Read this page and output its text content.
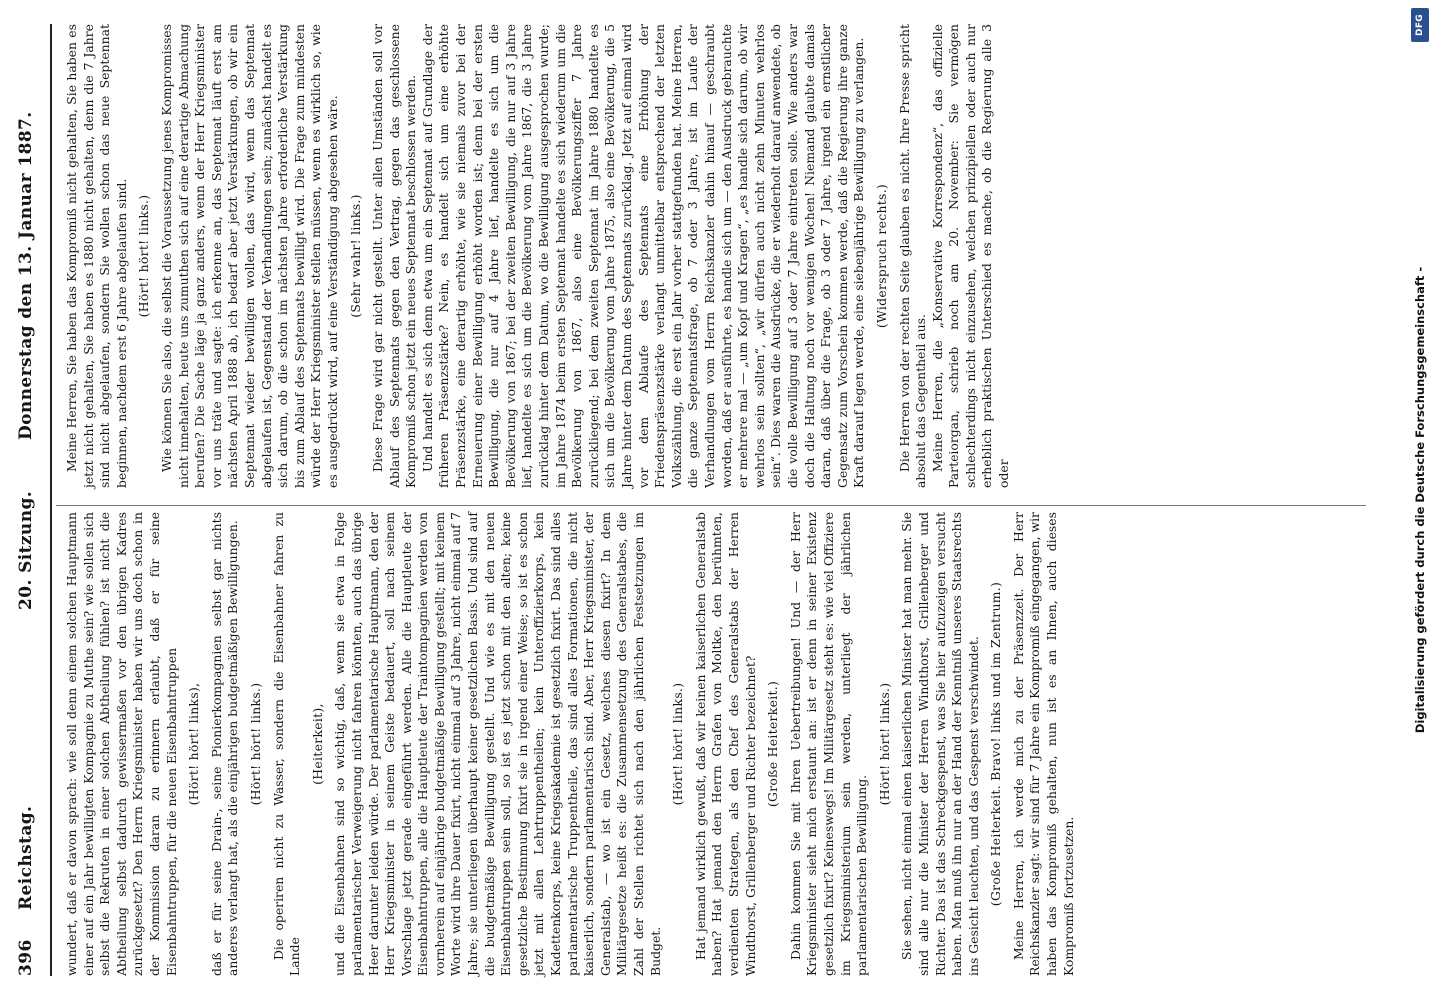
396
Reichstag.
20. Sitzung.
Donnerstag den 13. Januar 1887.

wundert, daß er davon sprach: wie soll denn einem solchen Hauptmann einer auf ein Jahr bewilligten Kompagnie zu Muthe sein? wie sollen sich selbst die Rekruten in einer solchen Abtheilung fühlen? ist nicht die Abtheilung selbst dadurch gewissermaßen vor den übrigen Kadres zurückgesetzt? Den Herrn Kriegsminister haben wir uns doch schon in der Kommission daran zu erinnern erlaubt, daß er für seine Eisenbahntruppen, für die neuen Eisenbahntruppen (Hört! hört! links), daß er für seine Drain-, seine Pionierkompagnien selbst gar nichts anderes verlangt hat, als die einjährigen budgetmäßigen Bewilligungen. (Hört! hört! links.) Die operiren nicht zu Wasser, sondern die Eisenbahner fahren zu Lande

(Heiterkeit), und die Eisenbahnen sind so wichtig, daß, wenn sie etwa in Folge parlamentarischer Verweigerung nicht fahren könnten, auch das übrige Heer darunter leiden würde. Der parlamentarische Hauptmann, den der Herr Kriegsminister in seinem Geiste bedauert, soll nach seinem Vorschlage jetzt gerade eingeführt werden. Alle die Hauptleute der Eisenbahntruppen, alle die Hauptleute der Traintompagnien werden von vornherein auf einjährige budgetmäßige Bewilligung gestellt; mit keinem Worte wird ihre Dauer fixirt, nicht einmal auf 3 Jahre, nicht einmal auf 7 Jahre; sie unterliegen überhaupt keiner gesetzlichen Basis. Und sind auf die budgetmäßige Bewilligung gestellt. Und wie es mit den neuen Eisenbahntruppen sein soll, so ist es jetzt schon mit den alten; keine gesetzliche Bestimmung fixirt sie in irgend einer Weise; so ist es schon jetzt mit allen Lehrtruppentheilen; kein Unteroffizierkorps, kein Kadettenkorps, keine Kriegsakademie ist gesetzlich fixirt. Das sind alles parlamentarische Truppentheile, das sind alles Formationen, die nicht kaiserlich, sondern parlamentarisch sind. Aber, Herr Kriegsminister, der Generalstab, — wo ist ein Gesetz, welches diesen fixirt? In dem Militärgesetze heißt es: die Zusammensetzung des Generalstabes, die Zahl der Stellen richtet sich nach den jährlichen Festsetzungen im Budget.

(Hört! hört! links.) Hat jemand wirklich gewußt, daß wir keinen kaiserlichen Generalstab haben? Hat jemand den Herrn Grafen von Moltke, den berühmten, verdienten Strategen, als den Chef des Generalstabs der Herren Windthorst, Grillenberger und Richter bezeichnet? (Große Heiterkeit.) Dahin kommen Sie mit Ihren Uebertreibungen! Und — der Herr Kriegsminister sieht mich erstaunt an: ist er denn in seiner Existenz gesetzlich fixirt? Keineswegs! Im Militärgesetz steht es: wie viel Offiziere im Kriegsministerium sein werden, unterliegt der jährlichen parlamentarischen Bewilligung.

(Hört! hört! links.) Sie sehen, nicht einmal einen kaiserlichen Minister hat man mehr. Sie sind alle nur die Minister der Herren Windthorst, Grillenberger und Richter. Das ist das Schreckgespenst, was Sie hier aufzuzeigen versucht haben. Man muß ihn nur an der Hand der Kenntniß unseres Staatsrechts ins Gesicht leuchten, und das Gespenst verschwindet. (Große Heiterkeit. Bravo! links und im Zentrum.) Meine Herren, ich werde mich zu der Präsenzzeit. Der Herr Reichskanzler sagt: wir sind für 7 Jahre ein Kompromiß eingegangen, wir haben das Kompromiß gehalten, nun ist es an Ihnen, auch dieses Kompromiß fortzusetzen.

Meine Herren, Sie haben das Kompromiß nicht gehalten, Sie haben es jetzt nicht gehalten, Sie haben es 1880 nicht gehalten, denn die 7 Jahre sind nicht abgelaufen, sondern Sie wollen schon das neue Septennat beginnen, nachdem erst 6 Jahre abgelaufen sind. (Hört! hört! links.) Wie können Sie also, die selbst die Voraussetzung jenes Kompromisses nicht innehalten, heute uns zumuthen sich auf eine derartige Abmachung berufen? Die Sache läge ja ganz anders, wenn der Herr Kriegsminister vor uns träte und sagte: ich erkenne an, das Septennat läuft erst am nächsten April 1888 ab, ich bedarf aber jetzt Verstärkungen, ob wir ein Septennat wieder bewilligen wollen, das wird, wenn das Septennat abgelaufen ist, Gegenstand der Verhandlungen sein; zunächst handelt es sich darum, ob die schon im nächsten Jahre erforderliche Verstärkung bis zum Ablauf des Septennats bewilligt wird. Die Frage zum mindesten würde der Herr Kriegsminister stellen müssen, wenn es wirklich so, wie es ausgedrückt wird, auf eine Verständigung abgesehen wäre. (Sehr wahr! links.) Diese Frage wird gar nicht gestellt. Unter allen Umständen soll vor Ablauf des Septennats gegen den Vertrag, gegen das geschlossene Kompromiß schon jetzt ein neues Septennat beschlossen werden. Und handelt es sich denn etwa um ein Septennat auf Grundlage der früheren Präsenzstärke? Nein, es handelt sich um eine erhöhte Präsenzstärke, eine derartig erhöhte, wie sie niemals zuvor bei der Erneuerung einer Bewilligung erhöht worden ist; denn bei der ersten Bewilligung, die nur auf 4 Jahre lief, handelte es sich um die Bevölkerung von 1867; bei der zweiten Bewilligung, die nur auf 3 Jahre lief, handelte es sich um die Bevölkerung vom Jahre 1867, die 3 Jahre zurücklag hinter dem Datum, wo die Bewilligung ausgesprochen wurde; im Jahre 1874 beim ersten Septennat handelte es sich wiederum um die Bevölkerung von 1867, also eine Bevölkerungsziffer 7 Jahre zurückliegend; bei dem zweiten Septennat im Jahre 1880 handelte es sich um die Bevölkerung vom Jahre 1875, also eine Bevölkerung, die 5 Jahre hinter dem Datum des Septennats zurücklag. Jetzt auf einmal wird vor dem Ablaufe des Septennats eine Erhöhung der Friedenspräsenzstärke verlangt unmittelbar entsprechend der letzten Volkszählung, die erst ein Jahr vorher stattgefunden hat. Meine Herren, die ganze Septennatsfrage, ob 7 oder 3 Jahre, ist im Laufe der Verhandlungen vom Herrn Reichskanzler dahin hinauf — geschraubt worden, daß er ausführte, es handle sich um — den Ausdruck gebrauchte er mehrere mal — „um Kopf und Kragen“, „es handle sich darum, ob wir wehrlos sein sollten“, „wir dürfen auch nicht zehn Minuten wehrlos sein“. Dies waren die Ausdrücke, die er wiederholt darauf anwendete, ob die volle Bewilligung auf 3 oder 7 Jahre eintreten solle. Wie anders war doch die Haltung noch vor wenigen Wochen! Niemand glaubte damals daran, daß über die Frage, ob 3 oder 7 Jahre, irgend ein ernstlicher Gegensatz zum Vorschein kommen werde, daß die Regierung ihre ganze Kraft darauf legen werde, eine siebenjährige Bewilligung zu verlangen. (Widerspruch rechts.) Die Herren von der rechten Seite glauben es nicht. Ihre Presse spricht absolut das Gegentheil aus. Meine Herren, die „Konservative Korrespondenz“, das offizielle Parteiorgan, schrieb noch am 20. November: Sie vermögen schlechterdings nicht einzusehen, welchen prinzipiellen oder auch nur erheblich praktischen Unterschied es mache, ob die Regierung alle 3 oder

DFG
Digitalisierung gefördert durch die Deutsche Forschungsgemeinschaft -
